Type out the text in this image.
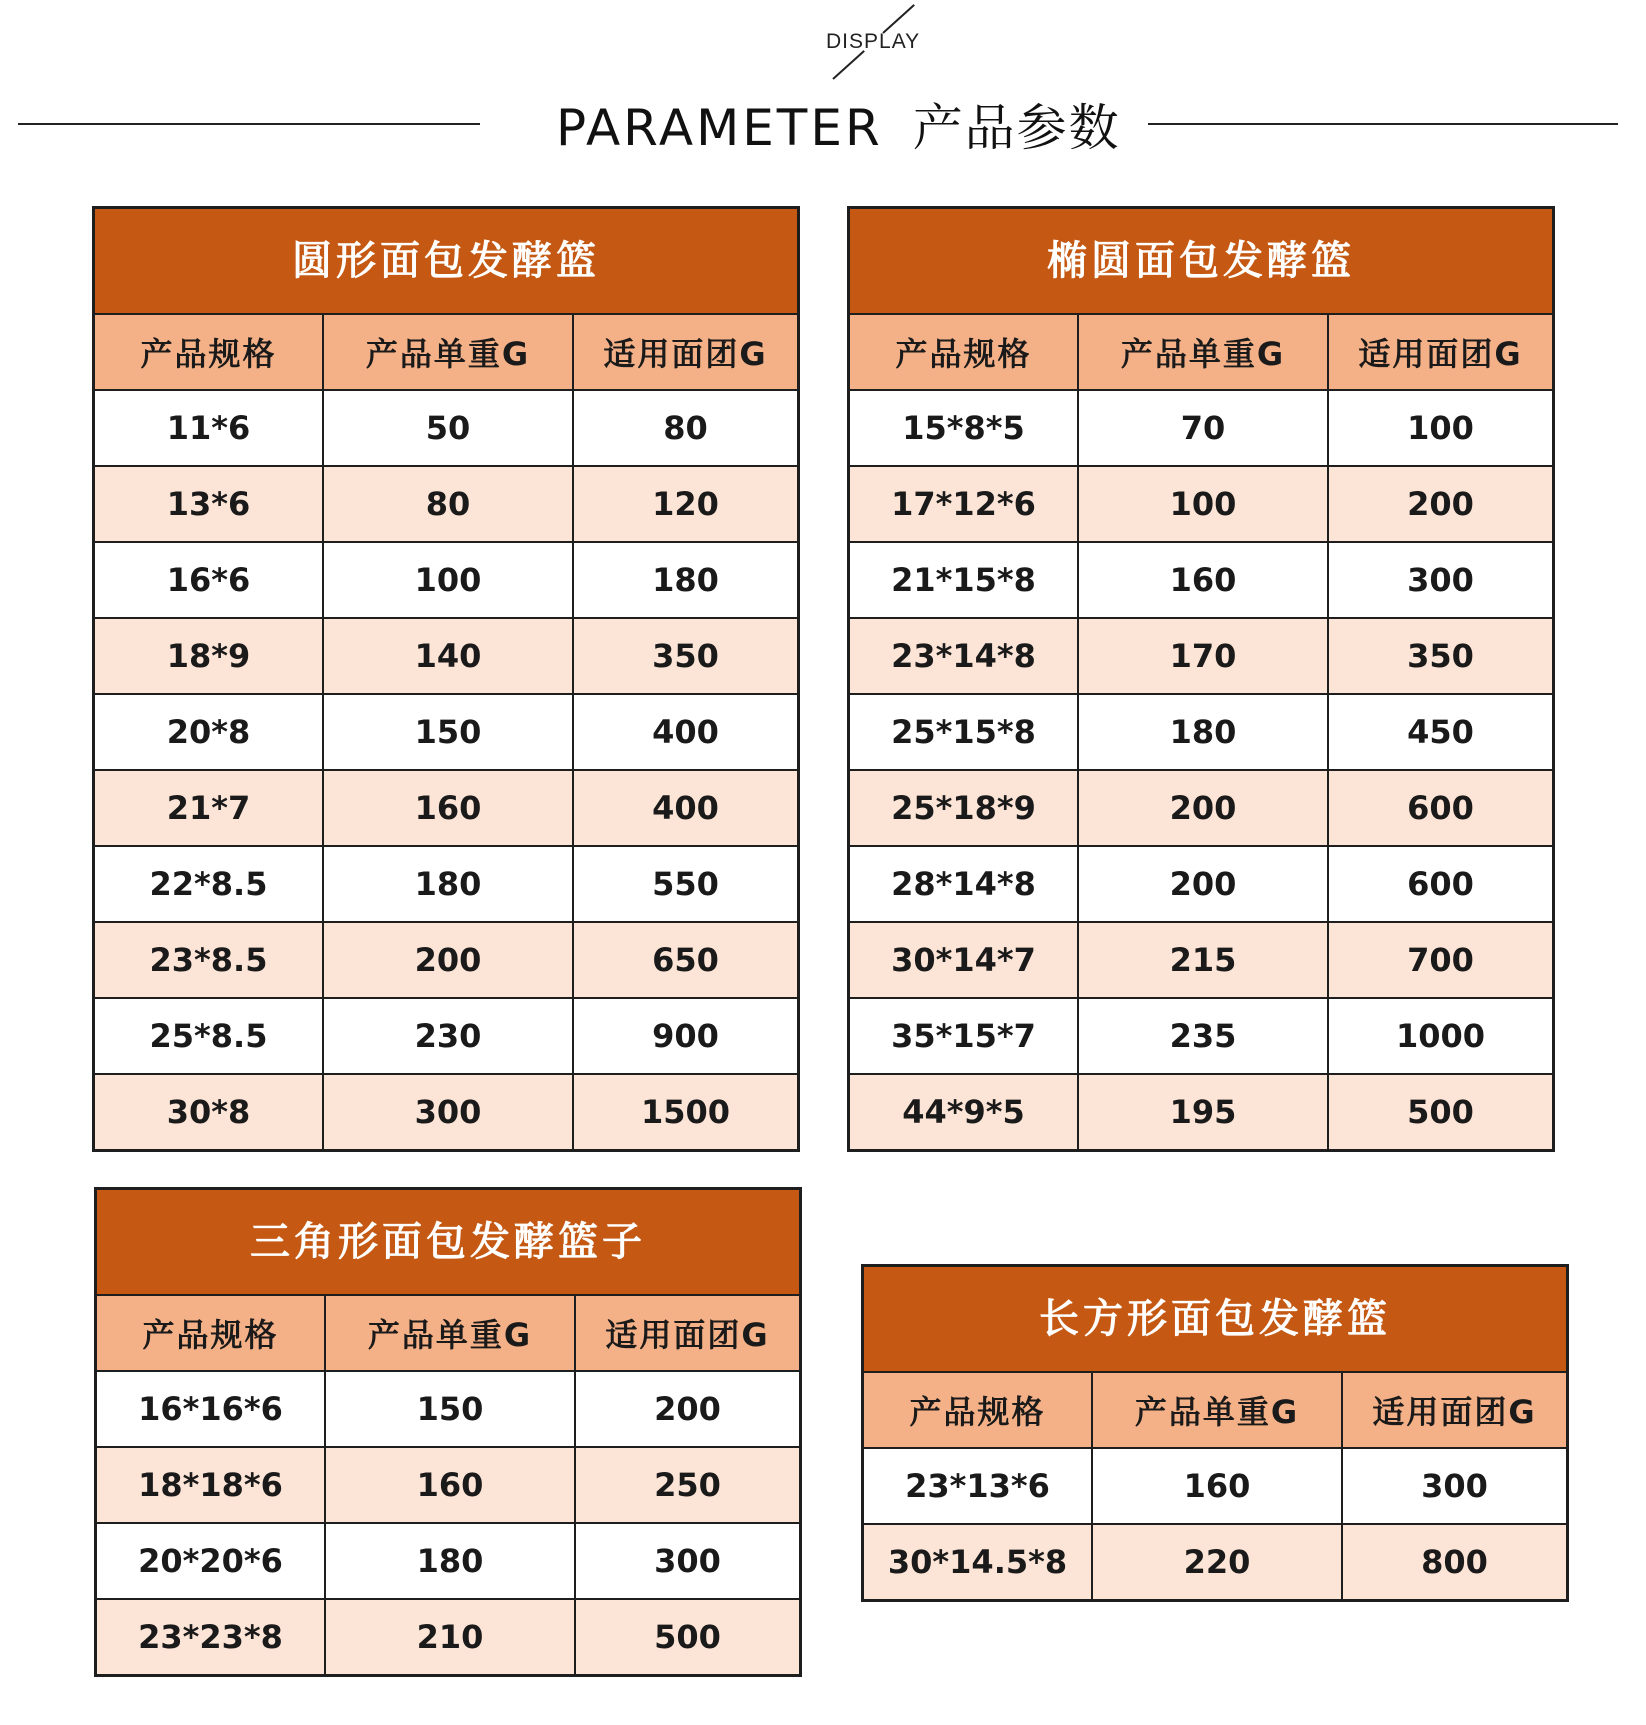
DISPLAY
PARAMETER 产品参数
圆形面包发酵篮
产品规格	产品单重G	适用面团G
11*6	50	80
13*6	80	120
16*6	100	180
18*9	140	350
20*8	150	400
21*7	160	400
22*8.5	180	550
23*8.5	200	650
25*8.5	230	900
30*8	300	1500
椭圆面包发酵篮
产品规格	产品单重G	适用面团G
15*8*5	70	100
17*12*6	100	200
21*15*8	160	300
23*14*8	170	350
25*15*8	180	450
25*18*9	200	600
28*14*8	200	600
30*14*7	215	700
35*15*7	235	1000
44*9*5	195	500
三角形面包发酵篮子
产品规格	产品单重G	适用面团G
16*16*6	150	200
18*18*6	160	250
20*20*6	180	300
23*23*8	210	500
长方形面包发酵篮
产品规格	产品单重G	适用面团G
23*13*6	160	300
30*14.5*8	220	800
